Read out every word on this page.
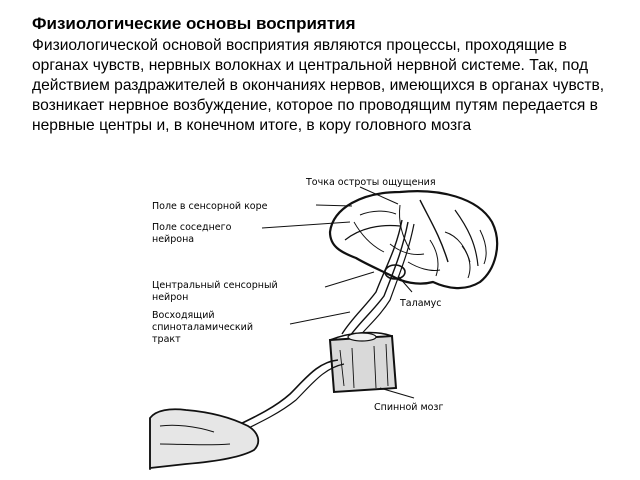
Физиологические основы восприятия

Физиологической основой восприятия являются процессы, проходящие в органах чувств, нервных волокнах и центральной нервной системе. Так, под действием раздражителей в окончаниях нервов, имеющихся в органах чувств, возникает нервное возбуждение, которое по проводящим путям передается в нервные центры и, в конечном итоге, в кору головного мозга

Точка остроты ощущения
Поле в сенсорной коре
Поле соседнего
нейрона
Центральный сенсорный
нейрон
Восходящий
спиноталамический
тракт
Таламус
Спинной мозг
